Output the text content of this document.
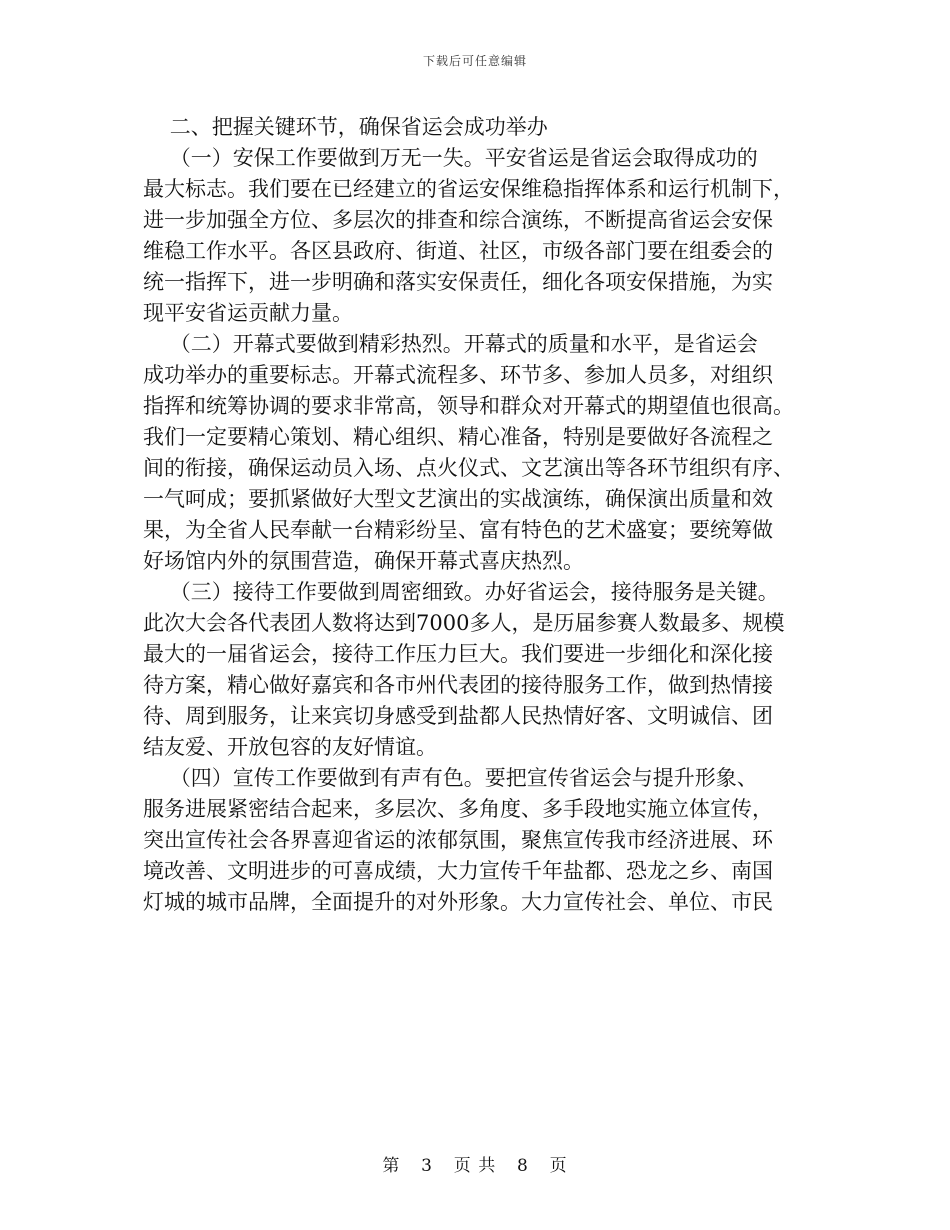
下载后可任意编辑
二、把握关键环节，确保省运会成功举办
（一）安保工作要做到万无一失。平安省运是省运会取得成功的
最大标志。我们要在已经建立的省运安保维稳指挥体系和运行机制下，
进一步加强全方位、多层次的排查和综合演练，不断提高省运会安保
维稳工作水平。各区县政府、街道、社区，市级各部门要在组委会的
统一指挥下，进一步明确和落实安保责任，细化各项安保措施，为实
现平安省运贡献力量。
（二）开幕式要做到精彩热烈。开幕式的质量和水平，是省运会
成功举办的重要标志。开幕式流程多、环节多、参加人员多，对组织
指挥和统筹协调的要求非常高，领导和群众对开幕式的期望值也很高。
我们一定要精心策划、精心组织、精心准备，特别是要做好各流程之
间的衔接，确保运动员入场、点火仪式、文艺演出等各环节组织有序、
一气呵成；要抓紧做好大型文艺演出的实战演练，确保演出质量和效
果，为全省人民奉献一台精彩纷呈、富有特色的艺术盛宴；要统筹做
好场馆内外的氛围营造，确保开幕式喜庆热烈。
（三）接待工作要做到周密细致。办好省运会，接待服务是关键。
此次大会各代表团人数将达到7000多人，是历届参赛人数最多、规模
最大的一届省运会，接待工作压力巨大。我们要进一步细化和深化接
待方案，精心做好嘉宾和各市州代表团的接待服务工作，做到热情接
待、周到服务，让来宾切身感受到盐都人民热情好客、文明诚信、团
结友爱、开放包容的友好情谊。
（四）宣传工作要做到有声有色。要把宣传省运会与提升形象、
服务进展紧密结合起来，多层次、多角度、多手段地实施立体宣传，
突出宣传社会各界喜迎省运的浓郁氛围，聚焦宣传我市经济进展、环
境改善、文明进步的可喜成绩，大力宣传千年盐都、恐龙之乡、南国
灯城的城市品牌，全面提升的对外形象。大力宣传社会、单位、市民
第 3 页 共 8 页
